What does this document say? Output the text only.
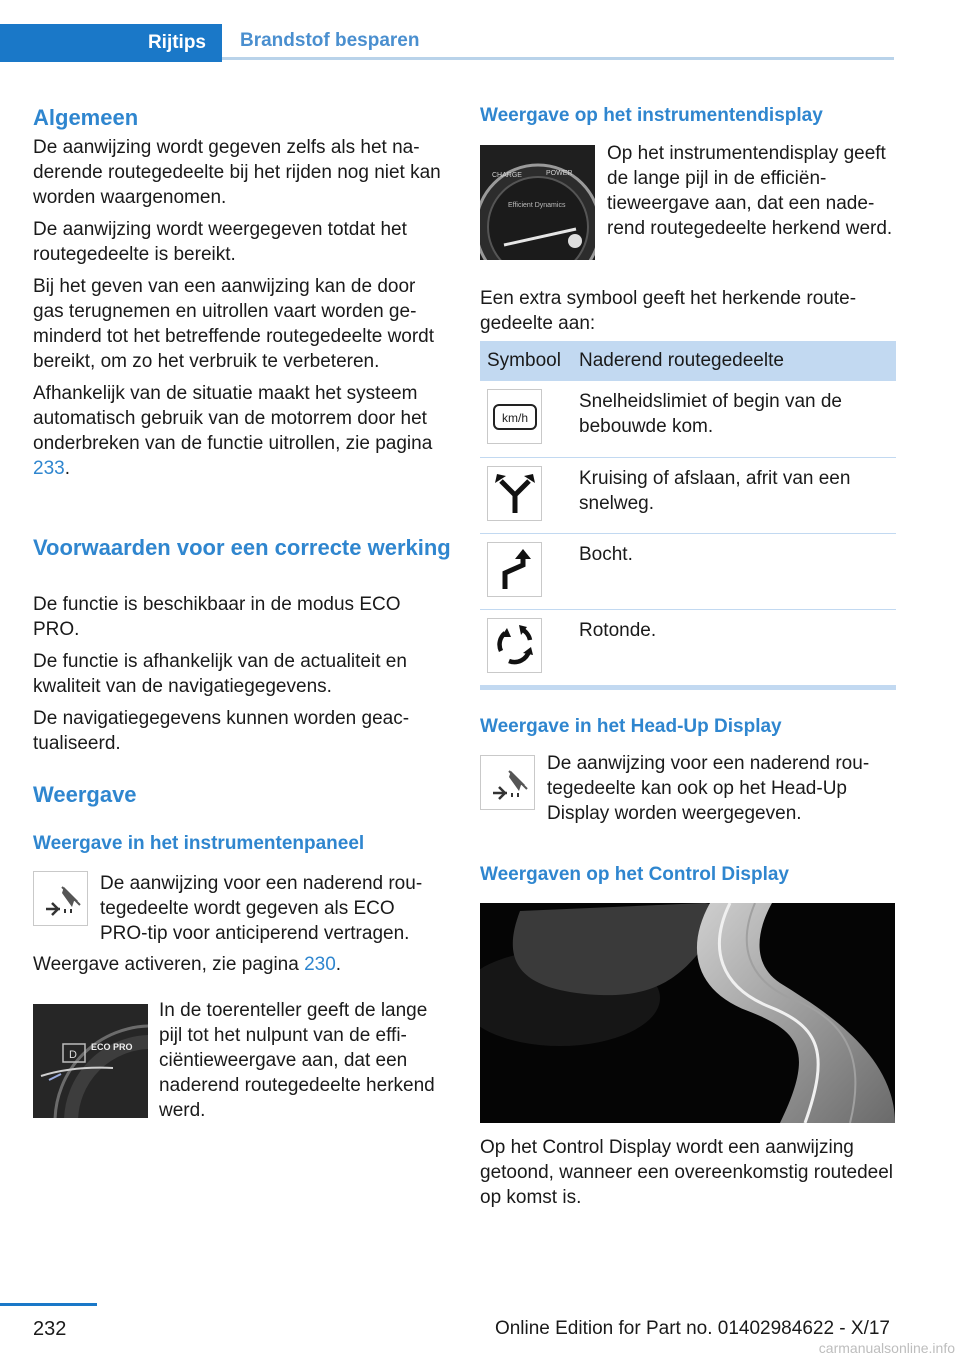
Rijtips Brandstof besparen
Algemeen

De aanwijzing wordt gegeven zelfs als het naderende routegedeelte bij het rijden nog niet kan worden waargenomen.

De aanwijzing wordt weergegeven totdat het routegedeelte is bereikt.

Bij het geven van een aanwijzing kan de door gas terugnemen en uitrollen vaart worden geminderd tot het betreffende routegedeelte wordt bereikt, om zo het verbruik te verbeteren.

Afhankelijk van de situatie maakt het systeem automatisch gebruik van de motorrem door het onderbreken van de functie uitrollen, zie pagina 233.

Voorwaarden voor een correcte werking

De functie is beschikbaar in de modus ECO PRO.

De functie is afhankelijk van de actualiteit en kwaliteit van de navigatiegegevens.

De navigatiegegevens kunnen worden geactualiseerd.

Weergave
Weergave in het instrumentenpaneel

De aanwijzing voor een naderend routegedeelte wordt gegeven als ECO PRO-tip voor anticiperend vertragen.

Weergave activeren, zie pagina 230.

D
ECO PRO

In de toerenteller geeft de lange pijl tot het nulpunt van de efficiëntieweergave aan, dat een naderend routegedeelte herkend werd.

Weergave op het instrumentendisplay
CHARGE	POWER
Efficient Dynamics

Op het instrumentendisplay geeft de lange pijl in de efficiëntieweergave aan, dat een naderend routegedeelte herkend werd.

Een extra symbool geeft het herkende routegedeelte aan:

Symbool	Naderend routegedeelte

km/h	Snelheidslimiet of begin van de bebouwde kom.

	Kruising of afslaan, afrit van een snelweg.

	Bocht.

	Rotonde.
Weergave in het Head-Up Display

De aanwijzing voor een naderend routegedeelte kan ook op het Head-Up Display worden weergegeven.

Weergaven op het Control Display

Op het Control Display wordt een aanwijzing getoond, wanneer een overeenkomstig routedeel op komst is.

232	Online Edition for Part no. 01402984622 - X/17
carmanualsonline.info
